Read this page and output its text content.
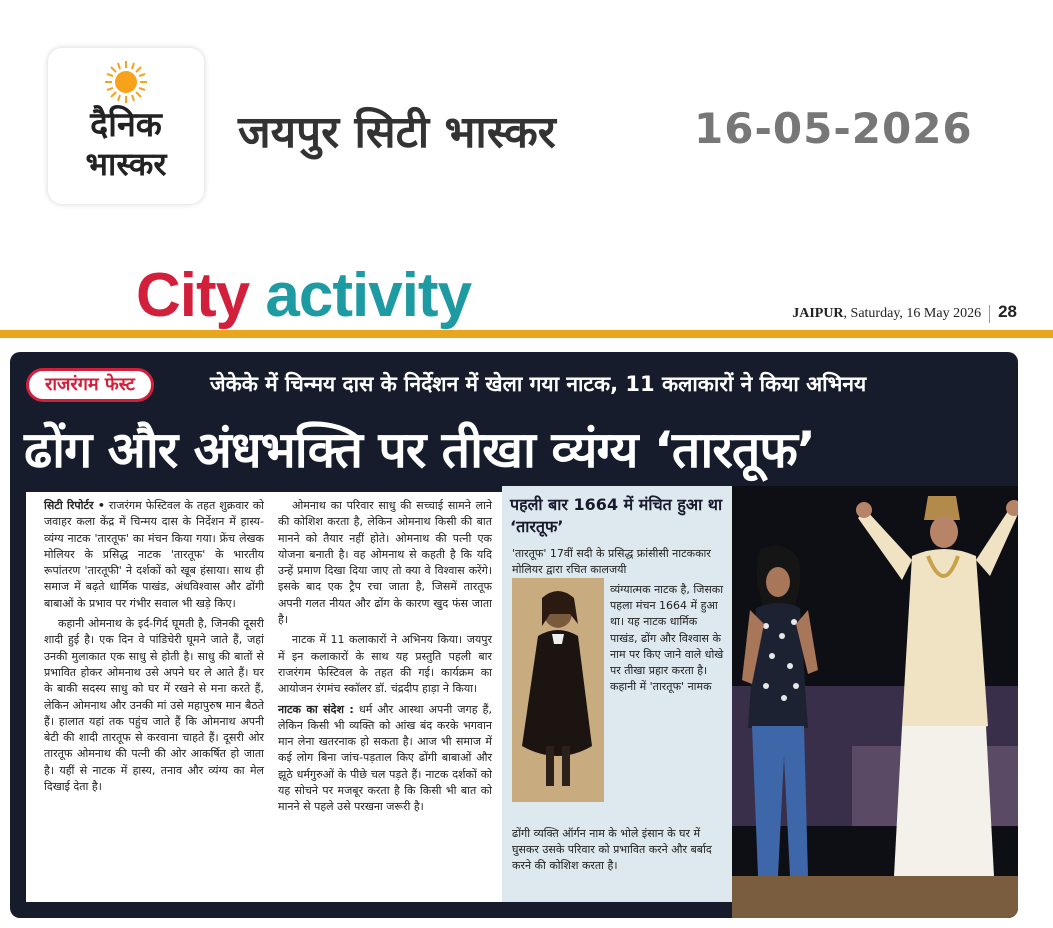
दैनिक
भास्कर
जयपुर सिटी भास्कर	16-05-2026
City activity	JAIPUR, Saturday, 16 May 2026 28
राजरंगम फेस्ट	जेकेके में चिन्मय दास के निर्देशन में खेला गया नाटक, 11 कलाकारों ने किया अभिनय
ढोंग और अंधभक्ति पर तीखा व्यंग्य ‘तारतूफ’

सिटी रिपोर्टर • राजरंगम फेस्टिवल के तहत शुक्रवार को जवाहर कला केंद्र में चिन्मय दास के निर्देशन में हास्य-व्यंग्य नाटक 'तारतूफ' का मंचन किया गया। फ्रेंच लेखक मोलियर के प्रसिद्ध नाटक 'तारतूफ' के भारतीय रूपांतरण 'तारतूफी' ने दर्शकों को खूब हंसाया। साथ ही समाज में बढ़ते धार्मिक पाखंड, अंधविश्वास और ढोंगी बाबाओं के प्रभाव पर गंभीर सवाल भी खड़े किए।

कहानी ओमनाथ के इर्द-गिर्द घूमती है, जिनकी दूसरी शादी हुई है। एक दिन वे पांडिचेरी घूमने जाते हैं, जहां उनकी मुलाकात एक साधु से होती है। साधु की बातों से प्रभावित होकर ओमनाथ उसे अपने घर ले आते हैं। घर के बाकी सदस्य साधु को घर में रखने से मना करते हैं, लेकिन ओमनाथ और उनकी मां उसे महापुरुष मान बैठते हैं। हालात यहां तक पहुंच जाते हैं कि ओमनाथ अपनी बेटी की शादी तारतूफ से करवाना चाहते हैं। दूसरी ओर तारतूफ ओमनाथ की पत्नी की ओर आकर्षित हो जाता है। यहीं से नाटक में हास्य, तनाव और व्यंग्य का मेल दिखाई देता है।

ओमनाथ का परिवार साधु की सच्चाई सामने लाने की कोशिश करता है, लेकिन ओमनाथ किसी की बात मानने को तैयार नहीं होते। ओमनाथ की पत्नी एक योजना बनाती है। वह ओमनाथ से कहती है कि यदि उन्हें प्रमाण दिखा दिया जाए तो क्या वे विश्वास करेंगे। इसके बाद एक ट्रैप रचा जाता है, जिसमें तारतूफ अपनी गलत नीयत और ढोंग के कारण खुद फंस जाता है।

नाटक में 11 कलाकारों ने अभिनय किया। जयपुर में इन कलाकारों के साथ यह प्रस्तुति पहली बार राजरंगम फेस्टिवल के तहत की गई। कार्यक्रम का आयोजन रंगमंच स्कॉलर डॉ. चंद्रदीप हाड़ा ने किया।

नाटक का संदेश : धर्म और आस्था अपनी जगह हैं, लेकिन किसी भी व्यक्ति को आंख बंद करके भगवान मान लेना खतरनाक हो सकता है। आज भी समाज में कई लोग बिना जांच-पड़ताल किए ढोंगी बाबाओं और झूठे धर्मगुरुओं के पीछे चल पड़ते हैं। नाटक दर्शकों को यह सोचने पर मजबूर करता है कि किसी भी बात को मानने से पहले उसे परखना जरूरी है।

पहली बार 1664 में मंचित हुआ था ‘तारतूफ’
'तारतूफ' 17वीं सदी के प्रसिद्ध फ्रांसीसी नाटककार मोलियर द्वारा रचित कालजयी
व्यंग्यात्मक नाटक है, जिसका पहला मंचन 1664 में हुआ था। यह नाटक धार्मिक पाखंड, ढोंग और विश्वास के नाम पर किए जाने वाले धोखे पर तीखा प्रहार करता है। कहानी में 'तारतूफ' नामक
ढोंगी व्यक्ति ऑर्गन नाम के भोले इंसान के घर में घुसकर उसके परिवार को प्रभावित करने और बर्बाद करने की कोशिश करता है।
